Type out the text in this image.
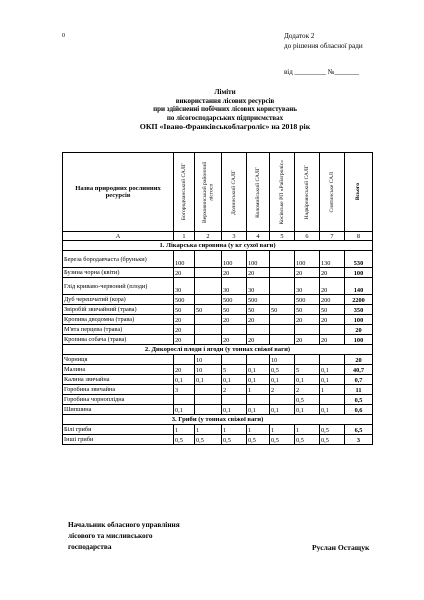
0	Додаток 2
до рішення обласної ради
від _________ №_______
Ліміти
використання лісових ресурсів
при здійсненні побічних лісових користувань
по лісогосподарських підприємствах
ОКП «Івано-Франківськоблагроліс» на 2018 рік
Назва природних рослинних ресурсів	Богородчанський САЛГ	Верховинський районний лісгосп	Долинський САЛГ	Коломийський САЛГ	Косівське РП «Райагроліс»	Надвірнянський САЛГ	Снятинське САЛ	Всього

А	1	2	3	4	5	6	7	8
1. Лікарська сировина (у кг сухої ваги)								
Береза бородавчаста (бруньки)	100		100	100		100	130	530
Бузина чорна (квіти)	20		20	20		20	20	100
Глід криваво-червоний (плоди)	30		30	30		30	20	140
Дуб черешчатий (кора)	500		500	500		500	200	2200
Звіробій звичайний (трава)	50	50	50	50	50	50	50	350
Кропива дводомна (трава)	20		20	20		20	20	100
М'ята перцева (трава)	20							20
Кропива собача (трава)	20		20	20		20	20	100
2. Дикорослі плоди і ягоди (у тоннах свіжої ваги)								
Чорниця		10			10			20
Малина	20	10	5	0,1	0,5	5	0,1	40,7
Калина звичайна	0,1	0,1	0,1	0,1	0,1	0,1	0,1	0,7
Горобина звичайна	3		2	1	2	2	1	11
Горобина чорноплідна						0,5		0,5
Шипшина	0,1		0,1	0,1	0,1	0,1	0,1	0,6
3. Гриби (у тоннах свіжої ваги)								
Білі гриби	1	1	1	1	1	1	0,5	6,5
Інші гриби	0,5	0,5	0,5	0,5	0,5	0,5	0,5	3
Начальник обласного управління
лісового та мисливського
господарства	Руслан Остащук
